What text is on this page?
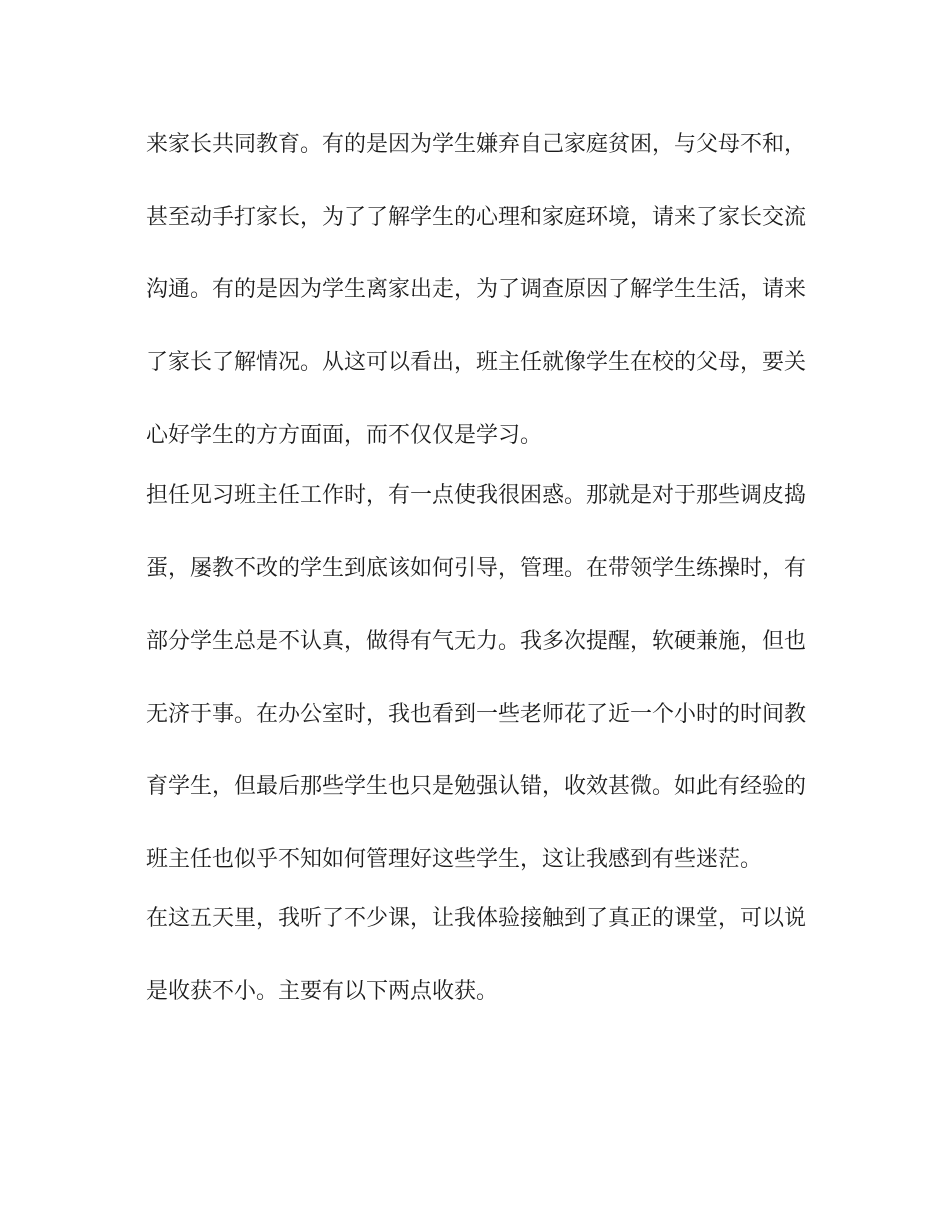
来家长共同教育。有的是因为学生嫌弃自己家庭贫困，与父母不和，
甚至动手打家长，为了了解学生的心理和家庭环境，请来了家长交流
沟通。有的是因为学生离家出走，为了调查原因了解学生生活，请来
了家长了解情况。从这可以看出，班主任就像学生在校的父母，要关
心好学生的方方面面，而不仅仅是学习。
担任见习班主任工作时，有一点使我很困惑。那就是对于那些调皮捣
蛋，屡教不改的学生到底该如何引导，管理。在带领学生练操时，有
部分学生总是不认真，做得有气无力。我多次提醒，软硬兼施，但也
无济于事。在办公室时，我也看到一些老师花了近一个小时的时间教
育学生，但最后那些学生也只是勉强认错，收效甚微。如此有经验的
班主任也似乎不知如何管理好这些学生，这让我感到有些迷茫。
在这五天里，我听了不少课，让我体验接触到了真正的课堂，可以说
是收获不小。主要有以下两点收获。
